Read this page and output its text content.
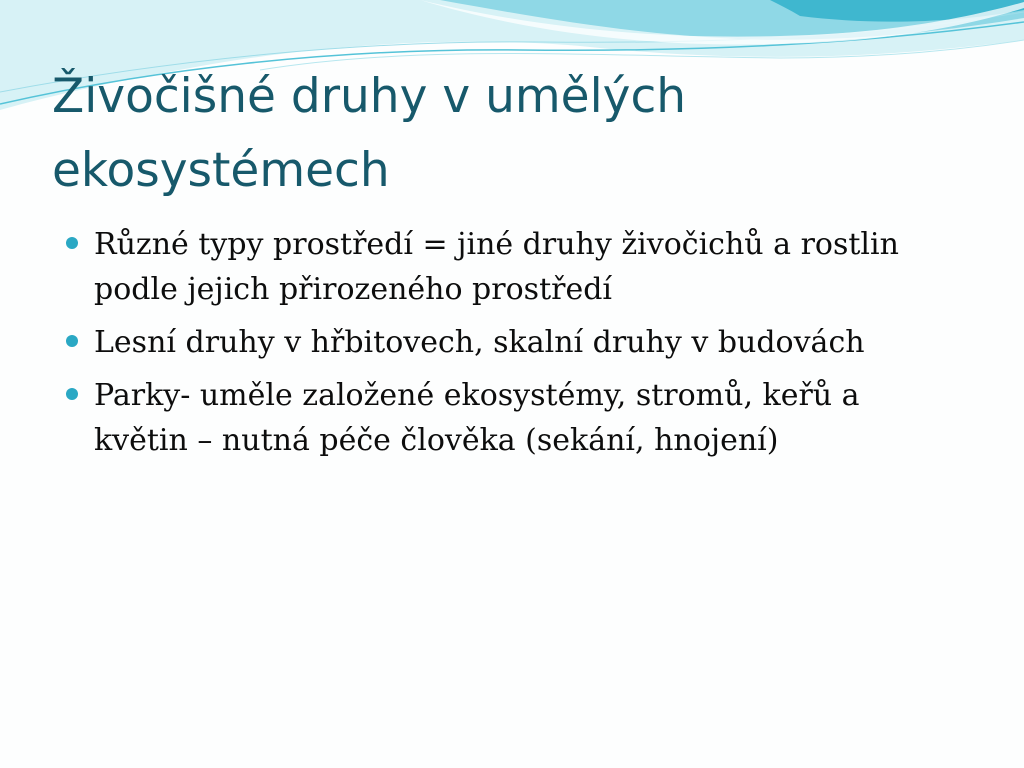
Živočišné druhy v umělých ekosystémech
Různé typy prostředí = jiné druhy živočichů a rostlin podle jejich přirozeného prostředí
Lesní druhy v hřbitovech, skalní druhy v budovách
Parky- uměle založené ekosystémy, stromů, keřů a květin – nutná péče člověka (sekání, hnojení)
